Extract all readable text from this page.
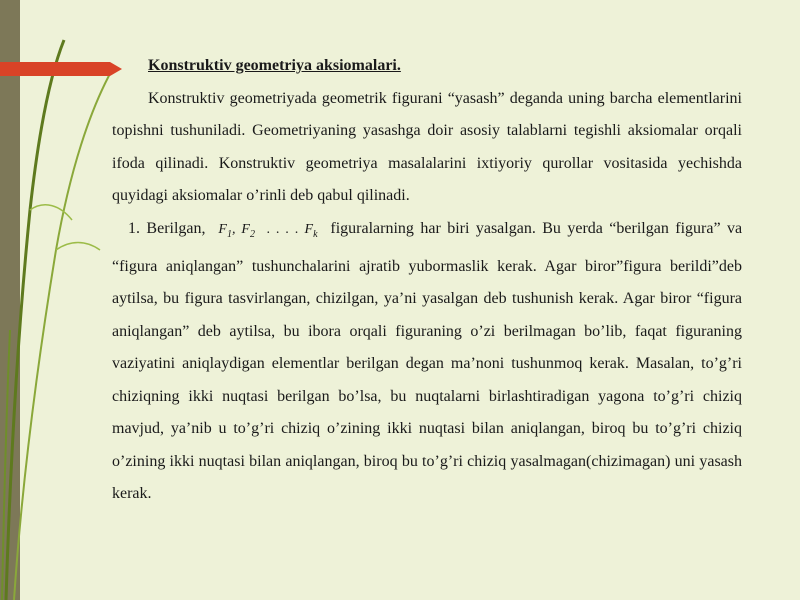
Konstruktiv geometriya aksiomalari.

Konstruktiv geometriyada geometrik figurani “yasash” deganda uning barcha elementlarini topishni tushuniladi. Geometriyaning yasashga doir asosiy talablarni tegishli aksiomalar orqali ifoda qilinadi. Konstruktiv geometriya masalalarini ixtiyoriy qurollar vositasida yechishda quyidagi aksiomalar o’rinli deb qabul qilinadi.

1. Berilgan, $F_1$, $F_2$ . . . . $F_k$ figuralarning har biri yasalgan. Bu yerda “berilgan figura” va “figura aniqlangan” tushunchalarini ajratib yubormaslik kerak. Agar biror”figura berildi”deb aytilsa, bu figura tasvirlangan, chizilgan, ya’ni yasalgan deb tushunish kerak. Agar biror “figura aniqlangan” deb aytilsa, bu ibora orqali figuraning o’zi berilmagan bo’lib, faqat figuraning vaziyatini aniqlaydigan elementlar berilgan degan ma’noni tushunmoq kerak. Masalan, to’g’ri chiziqning ikki nuqtasi berilgan bo’lsa, bu nuqtalarni birlashtiradigan yagona to’g’ri chiziq mavjud, ya’nib u to’g’ri chiziq o’zining ikki nuqtasi bilan aniqlangan, biroq bu to’g’ri chiziq o’zining ikki nuqtasi bilan aniqlangan, biroq bu to’g’ri chiziq yasalmagan(chizimagan) uni yasash kerak.
